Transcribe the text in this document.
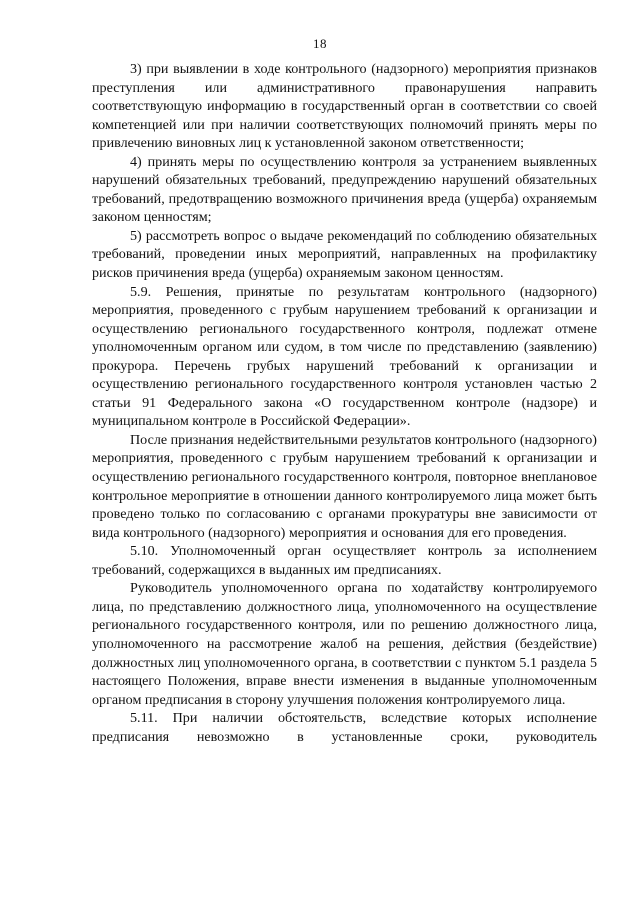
18

3) при выявлении в ходе контрольного (надзорного) мероприятия признаков преступления или административного правонарушения направить соответствующую информацию в государственный орган в соответствии со своей компетенцией или при наличии соответствующих полномочий принять меры по привлечению виновных лиц к установленной законом ответственности;

4) принять меры по осуществлению контроля за устранением выявленных нарушений обязательных требований, предупреждению нарушений обязательных требований, предотвращению возможного причинения вреда (ущерба) охраняемым законом ценностям;

5) рассмотреть вопрос о выдаче рекомендаций по соблюдению обязательных требований, проведении иных мероприятий, направленных на профилактику рисков причинения вреда (ущерба) охраняемым законом ценностям.

5.9. Решения, принятые по результатам контрольного (надзорного) мероприятия, проведенного с грубым нарушением требований к организации и осуществлению регионального государственного контроля, подлежат отмене уполномоченным органом или судом, в том числе по представлению (заявлению) прокурора. Перечень грубых нарушений требований к организации и осуществлению регионального государственного контроля установлен частью 2 статьи 91 Федерального закона «О государственном контроле (надзоре) и муниципальном контроле в Российской Федерации».

После признания недействительными результатов контрольного (надзорного) мероприятия, проведенного с грубым нарушением требований к организации и осуществлению регионального государственного контроля, повторное внеплановое контрольное мероприятие в отношении данного контролируемого лица может быть проведено только по согласованию с органами прокуратуры вне зависимости от вида контрольного (надзорного) мероприятия и основания для его проведения.

5.10. Уполномоченный орган осуществляет контроль за исполнением требований, содержащихся в выданных им предписаниях.

Руководитель уполномоченного органа по ходатайству контролируемого лица, по представлению должностного лица, уполномоченного на осуществление регионального государственного контроля, или по решению должностного лица, уполномоченного на рассмотрение жалоб на решения, действия (бездействие) должностных лиц уполномоченного органа, в соответствии с пунктом 5.1 раздела 5 настоящего Положения, вправе внести изменения в выданные уполномоченным органом предписания в сторону улучшения положения контролируемого лица.

5.11. При наличии обстоятельств, вследствие которых исполнение предписания невозможно в установленные сроки, руководитель
